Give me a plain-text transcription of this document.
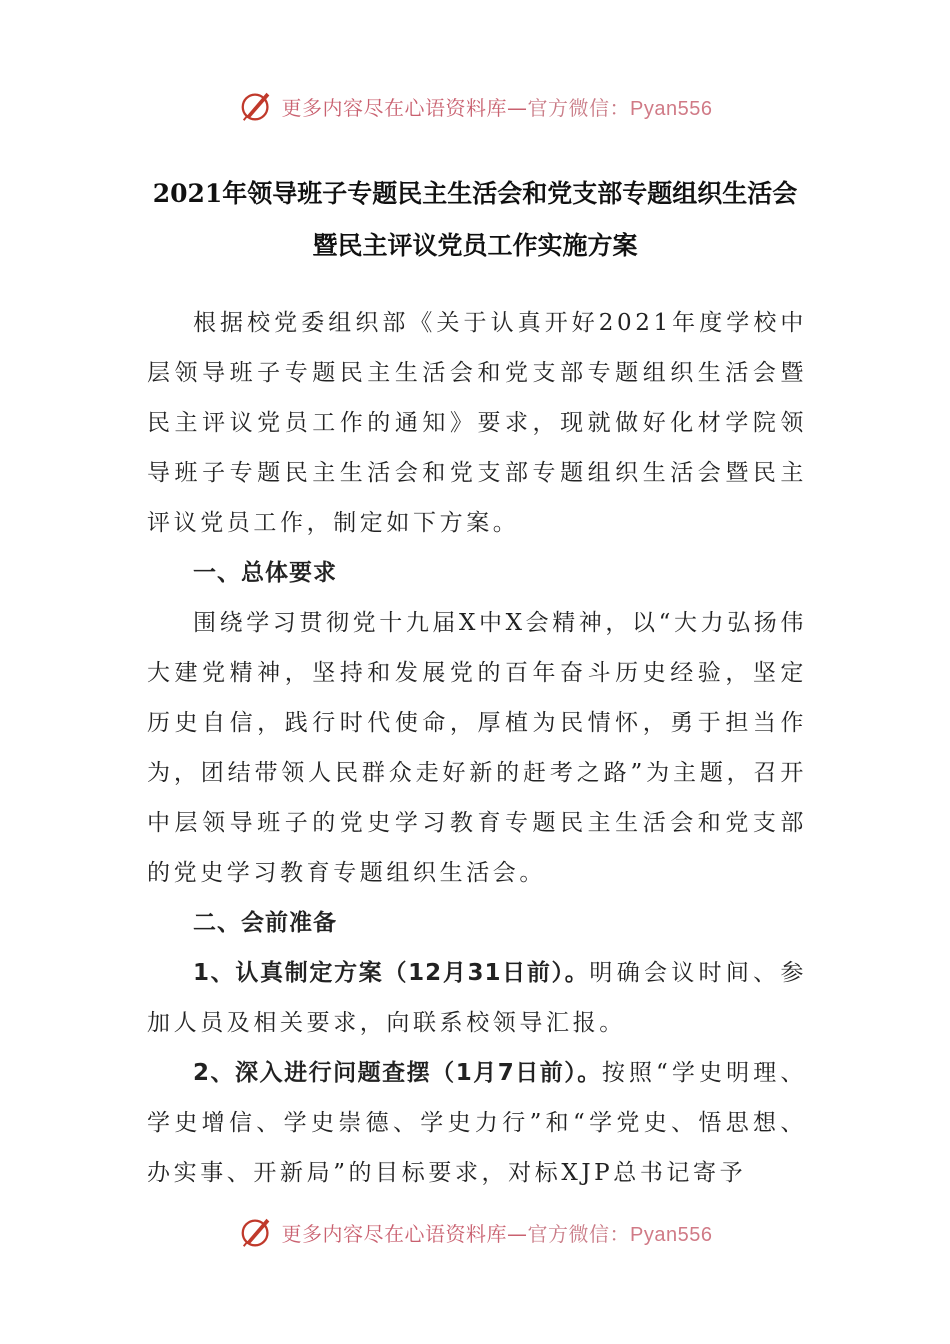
更多内容尽在心语资料库—官方微信：Pyan556
2021年领导班子专题民主生活会和党支部专题组织生活会
暨民主评议党员工作实施方案

根据校党委组织部《关于认真开好2021年度学校中层领导班子专题民主生活会和党支部专题组织生活会暨民主评议党员工作的通知》要求，现就做好化材学院领导班子专题民主生活会和党支部专题组织生活会暨民主评议党员工作，制定如下方案。

一、总体要求

围绕学习贯彻党十九届X中X会精神，以“大力弘扬伟大建党精神，坚持和发展党的百年奋斗历史经验，坚定历史自信，践行时代使命，厚植为民情怀，勇于担当作为，团结带领人民群众走好新的赶考之路”为主题，召开中层领导班子的党史学习教育专题民主生活会和党支部的党史学习教育专题组织生活会。

二、会前准备

1、认真制定方案（12月31日前）。明确会议时间、参加人员及相关要求，向联系校领导汇报。

2、深入进行问题查摆（1月7日前）。按照“学史明理、学史增信、学史崇德、学史力行”和“学党史、悟思想、办实事、开新局”的目标要求，对标XJP总书记寄予

更多内容尽在心语资料库—官方微信：Pyan556
